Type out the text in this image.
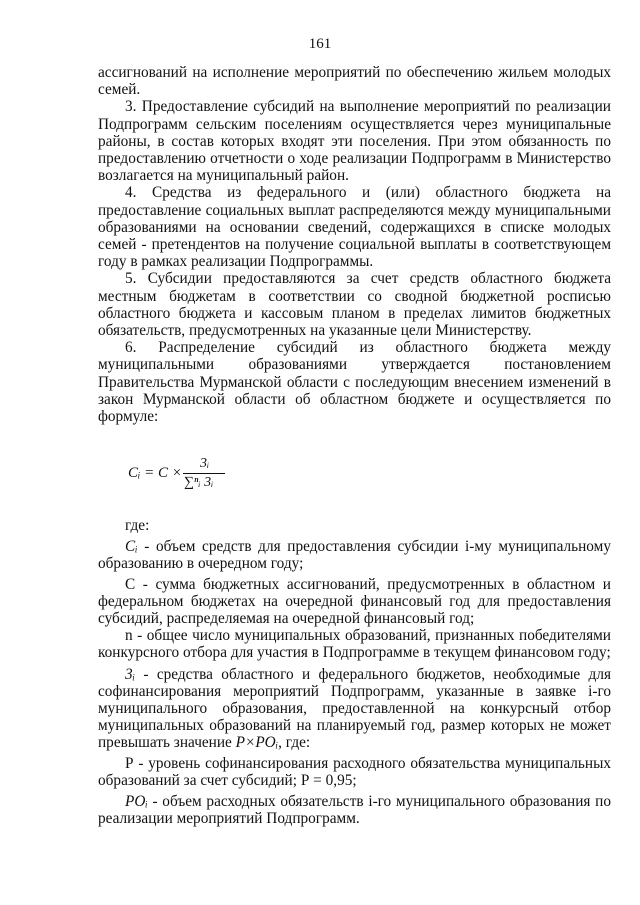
161

ассигнований на исполнение мероприятий по обеспечению жильем молодых семей.

3. Предоставление субсидий на выполнение мероприятий по реализации Подпрограмм сельским поселениям осуществляется через муниципальные районы, в состав которых входят эти поселения. При этом обязанность по предоставлению отчетности о ходе реализации Подпрограмм в Министерство возлагается на муниципальный район.

4. Средства из федерального и (или) областного бюджета на предоставление социальных выплат распределяются между муниципальными образованиями на основании сведений, содержащихся в списке молодых семей - претендентов на получение социальной выплаты в соответствующем году в рамках реализации Подпрограммы.

5. Субсидии предоставляются за счет средств областного бюджета местным бюджетам в соответствии со сводной бюджетной росписью областного бюджета и кассовым планом в пределах лимитов бюджетных обязательств, предусмотренных на указанные цели Министерству.

6. Распределение субсидий из областного бюджета между муниципальными образованиями утверждается постановлением Правительства Мурманской области с последующим внесением изменений в закон Мурманской области об областном бюджете и осуществляется по формуле:

Cᵢ = C ×
3ᵢ
∑ⁿᵢ 3ᵢ

где:

Cᵢ - объем средств для предоставления субсидии i-му муниципальному образованию в очередном году;

С - сумма бюджетных ассигнований, предусмотренных в областном и федеральном бюджетах на очередной финансовый год для предоставления субсидий, распределяемая на очередной финансовый год;

n - общее число муниципальных образований, признанных победителями конкурсного отбора для участия в Подпрограмме в текущем финансовом году;

3ᵢ - средства областного и федерального бюджетов, необходимые для софинансирования мероприятий Подпрограмм, указанные в заявке i-го муниципального образования, предоставленной на конкурсный отбор муниципальных образований на планируемый год, размер которых не может превышать значение P×POᵢ, где:

Р - уровень софинансирования расходного обязательства муниципальных образований за счет субсидий; Р = 0,95;

POᵢ - объем расходных обязательств i-го муниципального образования по реализации мероприятий Подпрограмм.
